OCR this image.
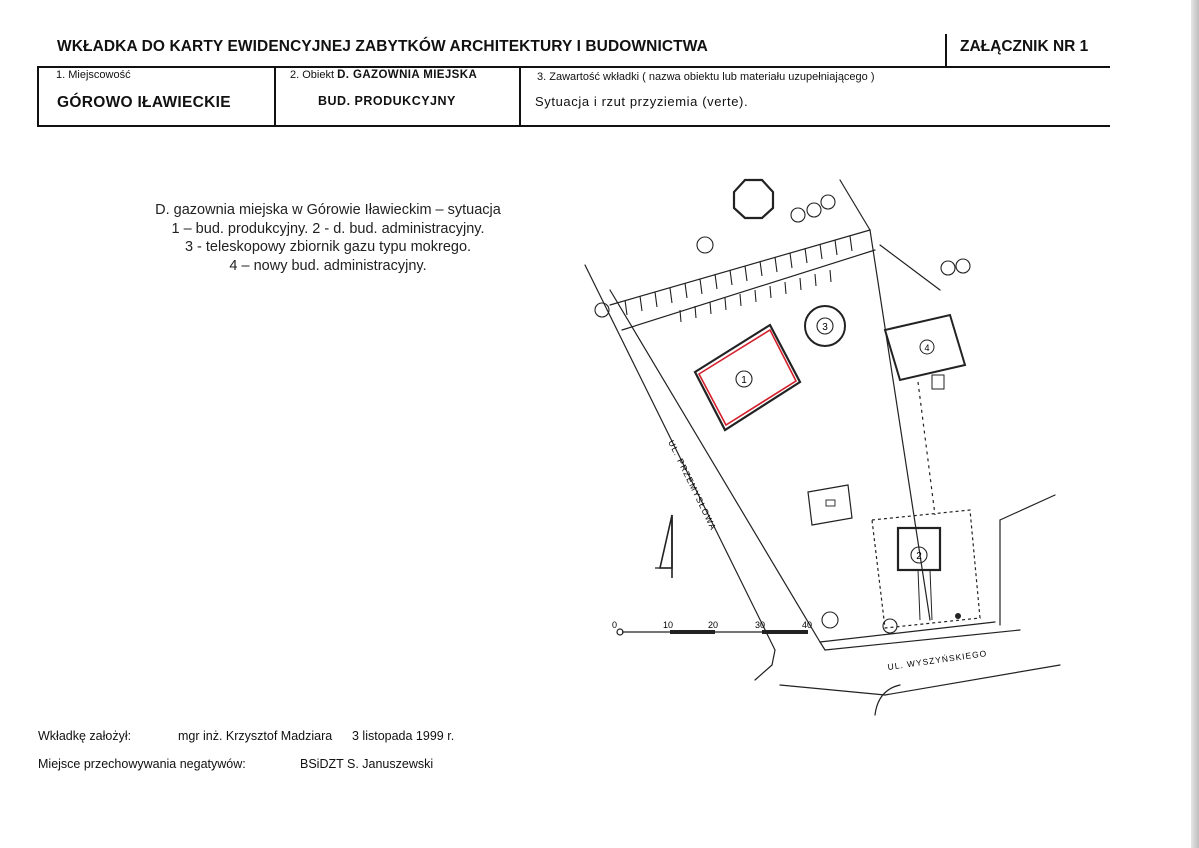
WKŁADKA DO KARTY EWIDENCYJNEJ ZABYTKÓW ARCHITEKTURY I BUDOWNICTWA	ZAŁĄCZNIK NR 1
1. Miejscowość
GÓROWO IŁAWIECKIE
2. Obiekt D. GAZOWNIA MIEJSKA
BUD. PRODUKCYJNY
3. Zawartość wkładki ( nazwa obiektu lub materiału uzupełniającego )
Sytuacja i rzut przyziemia (verte).
D. gazownia miejska w Górowie Iławieckim – sytuacja
1 – bud. produkcyjny. 2 - d. bud. administracyjny.
3 - teleskopowy zbiornik gazu typu mokrego.
4 – nowy bud. administracyjny.
1
3
4
2
0	10	20	30	40
UL. PRZEMYSŁOWA
UL. WYSZYŃSKIEGO
Wkładkę założył:	mgr inż. Krzysztof Madziara 3 listopada 1999 r.
Miejsce przechowywania negatywów:	BSiDZT S. Januszewski
